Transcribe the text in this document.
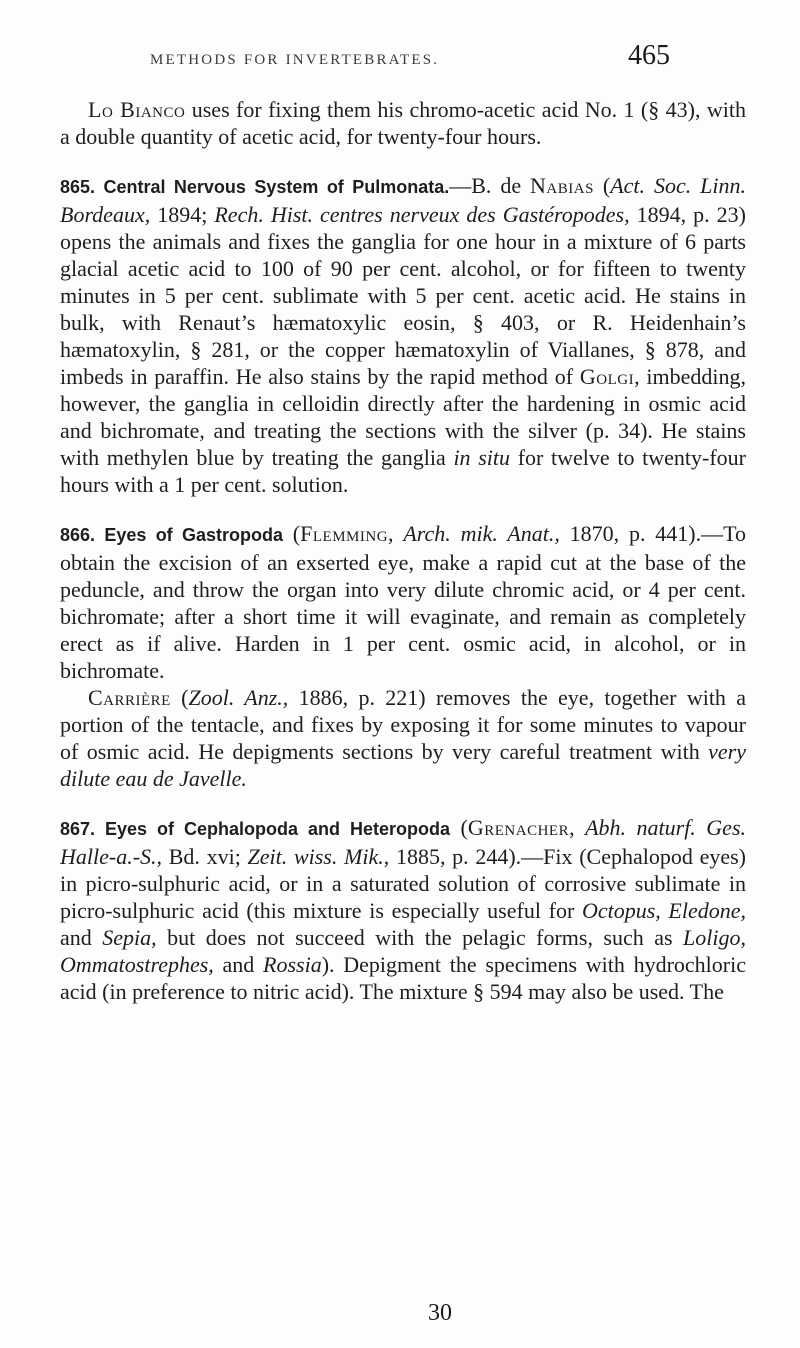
METHODS FOR INVERTEBRATES.	465

Lo Bianco uses for fixing them his chromo-acetic acid No. 1 (§ 43), with a double quantity of acetic acid, for twenty-four hours.

865. Central Nervous System of Pulmonata.—B. de Nabias (Act. Soc. Linn. Bordeaux, 1894; Rech. Hist. centres nerveux des Gastéropodes, 1894, p. 23) opens the animals and fixes the ganglia for one hour in a mixture of 6 parts glacial acetic acid to 100 of 90 per cent. alcohol, or for fifteen to twenty minutes in 5 per cent. sublimate with 5 per cent. acetic acid. He stains in bulk, with Renaut’s hæmatoxylic eosin, § 403, or R. Heidenhain’s hæmatoxylin, § 281, or the copper hæmatoxylin of Viallanes, § 878, and imbeds in paraffin. He also stains by the rapid method of Golgi, imbedding, however, the ganglia in celloidin directly after the hardening in osmic acid and bichromate, and treating the sections with the silver (p. 34). He stains with methylen blue by treating the ganglia in situ for twelve to twenty-four hours with a 1 per cent. solution.

866. Eyes of Gastropoda (Flemming, Arch. mik. Anat., 1870, p. 441).—To obtain the excision of an exserted eye, make a rapid cut at the base of the peduncle, and throw the organ into very dilute chromic acid, or 4 per cent. bichromate; after a short time it will evaginate, and remain as completely erect as if alive. Harden in 1 per cent. osmic acid, in alcohol, or in bichromate.

Carrière (Zool. Anz., 1886, p. 221) removes the eye, together with a portion of the tentacle, and fixes by exposing it for some minutes to vapour of osmic acid. He depigments sections by very careful treatment with very dilute eau de Javelle.

867. Eyes of Cephalopoda and Heteropoda (Grenacher, Abh. naturf. Ges. Halle-a.-S., Bd. xvi; Zeit. wiss. Mik., 1885, p. 244).—Fix (Cephalopod eyes) in picro-sulphuric acid, or in a saturated solution of corrosive sublimate in picro-sulphuric acid (this mixture is especially useful for Octopus, Eledone, and Sepia, but does not succeed with the pelagic forms, such as Loligo, Ommatostrephes, and Rossia). Depigment the specimens with hydrochloric acid (in preference to nitric acid). The mixture § 594 may also be used. The

30
